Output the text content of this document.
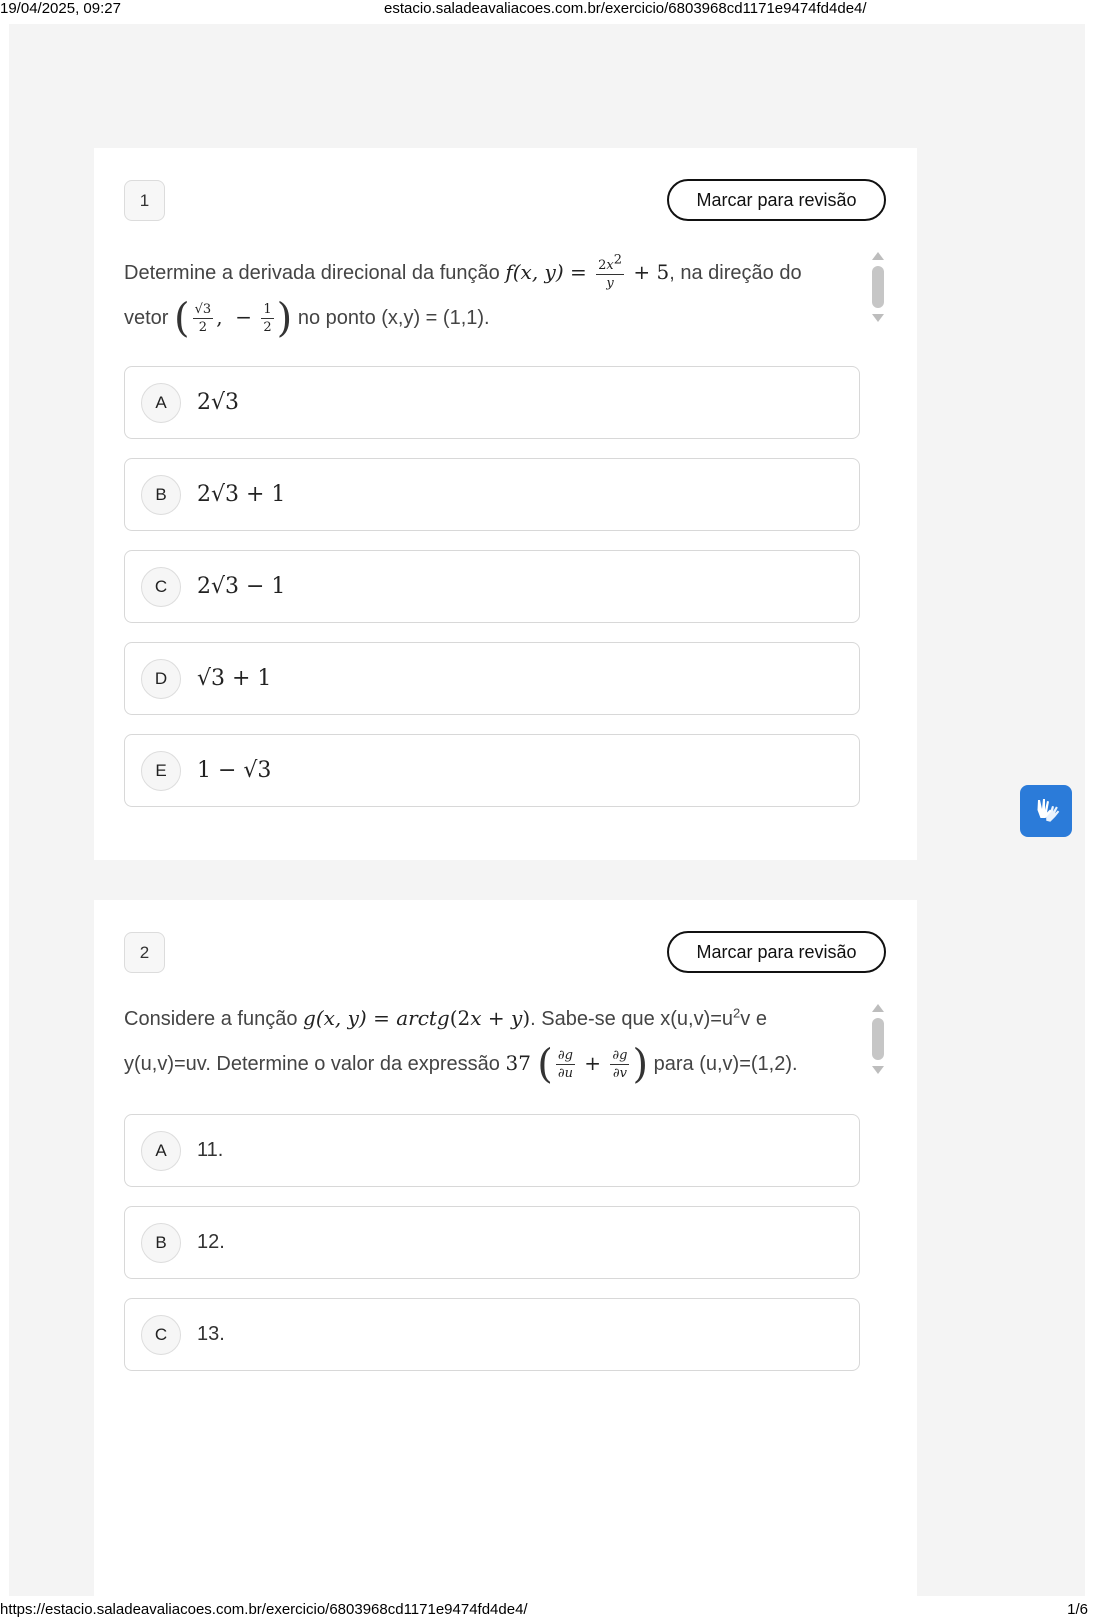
19/04/2025, 09:27	estacio.saladeavaliacoes.com.br/exercicio/6803968cd1171e9474fd4de4/
1	Marcar para revisão
Determine a derivada direcional da função f(x, $y) = \frac{2x^2}{y} + 5$, na direção do vetor ( $\frac{√3}{2}$ ,  − $\frac{1}{2}$ ) no ponto (x,y) = (1,1).
A	2√3
B	2√3 + 1
C	2√3 − 1
D	√3 + 1
E	1 − √3
2	Marcar para revisão
Considere a função g(x, y) = arctg(2x + y). Sabe-se que $x(u,v)=u^2v$ e y(u,v)=uv. Determine o valor da expressão 37 ( $\frac{\partial g}{\partial u} + \frac{\partial g}{\partial v}$ ) para (u,v)=(1,2).
A	11.
B	12.
C	13.
https://estacio.saladeavaliacoes.com.br/exercicio/6803968cd1171e9474fd4de4/	1/6
